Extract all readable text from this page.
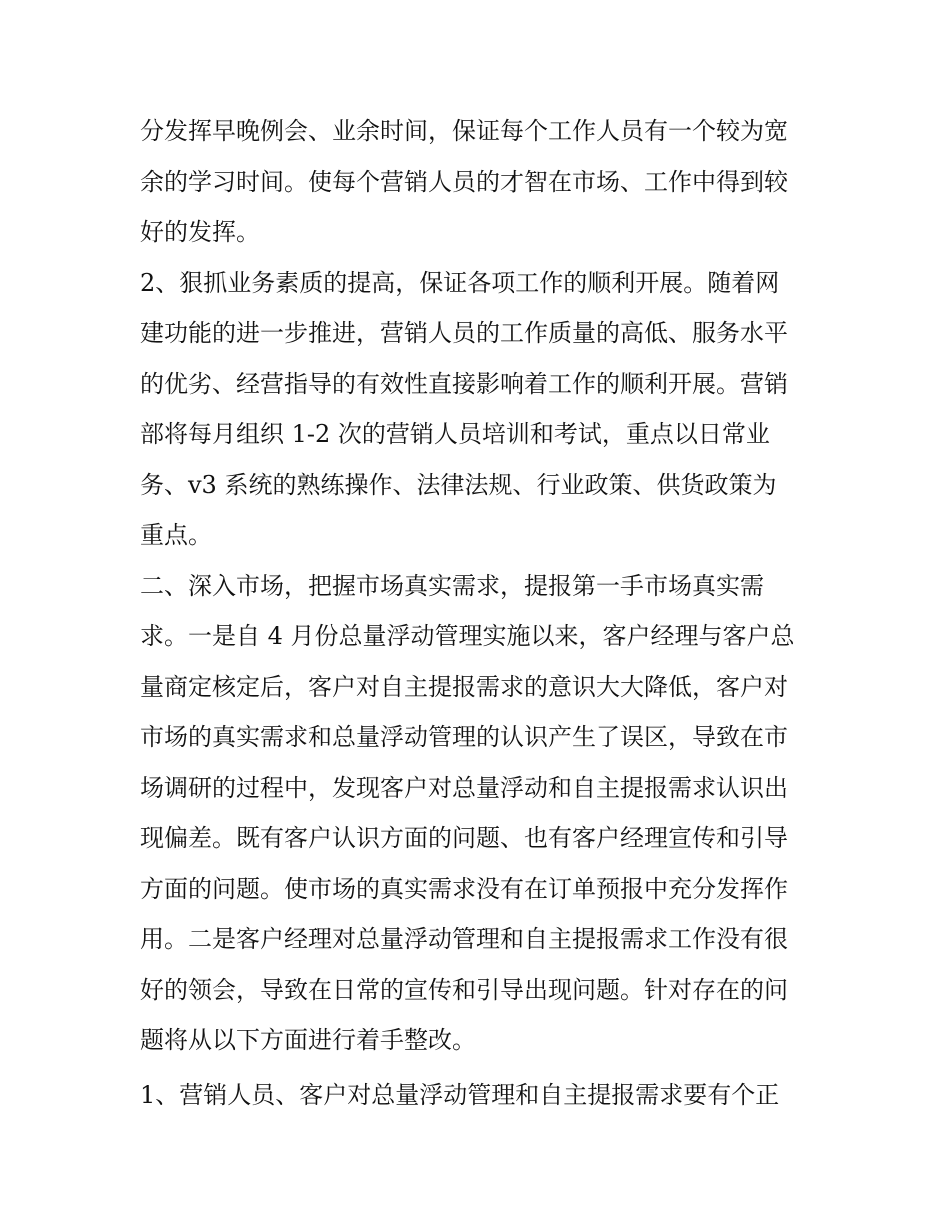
分发挥早晚例会、业余时间，保证每个工作人员有一个较为宽
余的学习时间。使每个营销人员的才智在市场、工作中得到较
好的发挥。
2、狠抓业务素质的提高，保证各项工作的顺利开展。随着网
建功能的进一步推进，营销人员的工作质量的高低、服务水平
的优劣、经营指导的有效性直接影响着工作的顺利开展。营销
部将每月组织 1-2 次的营销人员培训和考试，重点以日常业
务、v3 系统的熟练操作、法律法规、行业政策、供货政策为
重点。
二、深入市场，把握市场真实需求，提报第一手市场真实需
求。一是自 4 月份总量浮动管理实施以来，客户经理与客户总
量商定核定后，客户对自主提报需求的意识大大降低，客户对
市场的真实需求和总量浮动管理的认识产生了误区，导致在市
场调研的过程中，发现客户对总量浮动和自主提报需求认识出
现偏差。既有客户认识方面的问题、也有客户经理宣传和引导
方面的问题。使市场的真实需求没有在订单预报中充分发挥作
用。二是客户经理对总量浮动管理和自主提报需求工作没有很
好的领会，导致在日常的宣传和引导出现问题。针对存在的问
题将从以下方面进行着手整改。
1、营销人员、客户对总量浮动管理和自主提报需求要有个正
